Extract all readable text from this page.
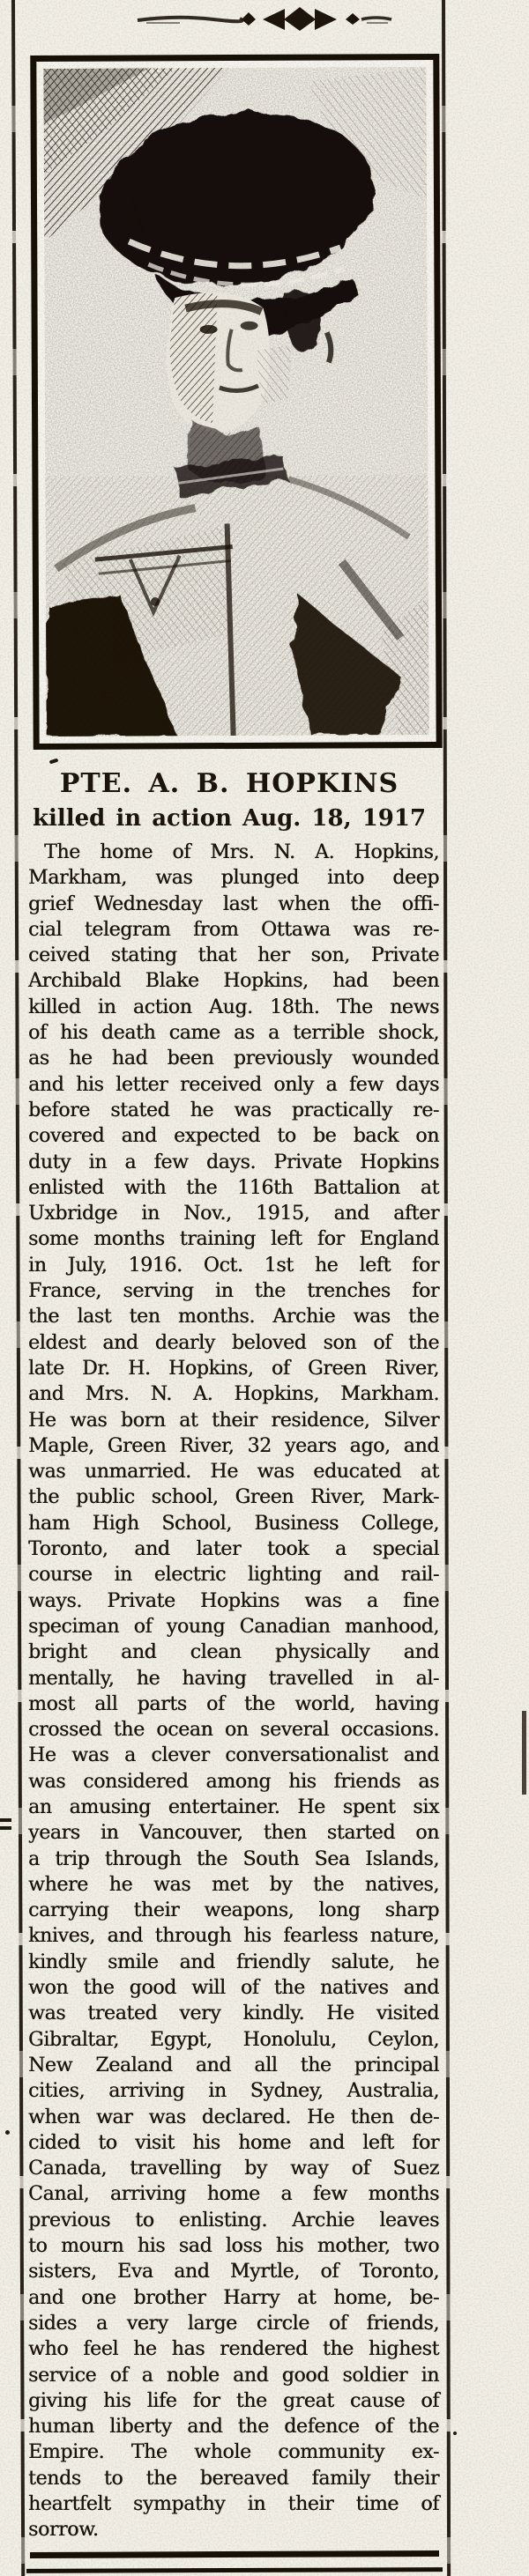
PTE. A. B. HOPKINS
killed in action Aug. 18, 1917
The home of Mrs. N. A. Hopkins,
Markham, was plunged into deep
grief Wednesday last when the offi-
cial telegram from Ottawa was re-
ceived stating that her son, Private
Archibald Blake Hopkins, had been
killed in action Aug. 18th. The news
of his death came as a terrible shock,
as he had been previously wounded
and his letter received only a few days
before stated he was practically re-
covered and expected to be back on
duty in a few days. Private Hopkins
enlisted with the 116th Battalion at
Uxbridge in Nov., 1915, and after
some months training left for England
in July, 1916. Oct. 1st he left for
France, serving in the trenches for
the last ten months. Archie was the
eldest and dearly beloved son of the
late Dr. H. Hopkins, of Green River,
and Mrs. N. A. Hopkins, Markham.
He was born at their residence, Silver
Maple, Green River, 32 years ago, and
was unmarried. He was educated at
the public school, Green River, Mark-
ham High School, Business College,
Toronto, and later took a special
course in electric lighting and rail-
ways. Private Hopkins was a fine
speciman of young Canadian manhood,
bright and clean physically and
mentally, he having travelled in al-
most all parts of the world, having
crossed the ocean on several occasions.
He was a clever conversationalist and
was considered among his friends as
an amusing entertainer. He spent six
years in Vancouver, then started on
a trip through the South Sea Islands,
where he was met by the natives,
carrying their weapons, long sharp
knives, and through his fearless nature,
kindly smile and friendly salute, he
won the good will of the natives and
was treated very kindly. He visited
Gibraltar, Egypt, Honolulu, Ceylon,
New Zealand and all the principal
cities, arriving in Sydney, Australia,
when war was declared. He then de-
cided to visit his home and left for
Canada, travelling by way of Suez
Canal, arriving home a few months
previous to enlisting. Archie leaves
to mourn his sad loss his mother, two
sisters, Eva and Myrtle, of Toronto,
and one brother Harry at home, be-
sides a very large circle of friends,
who feel he has rendered the highest
service of a noble and good soldier in
giving his life for the great cause of
human liberty and the defence of the
Empire. The whole community ex-
tends to the bereaved family their
heartfelt sympathy in their time of
sorrow.
